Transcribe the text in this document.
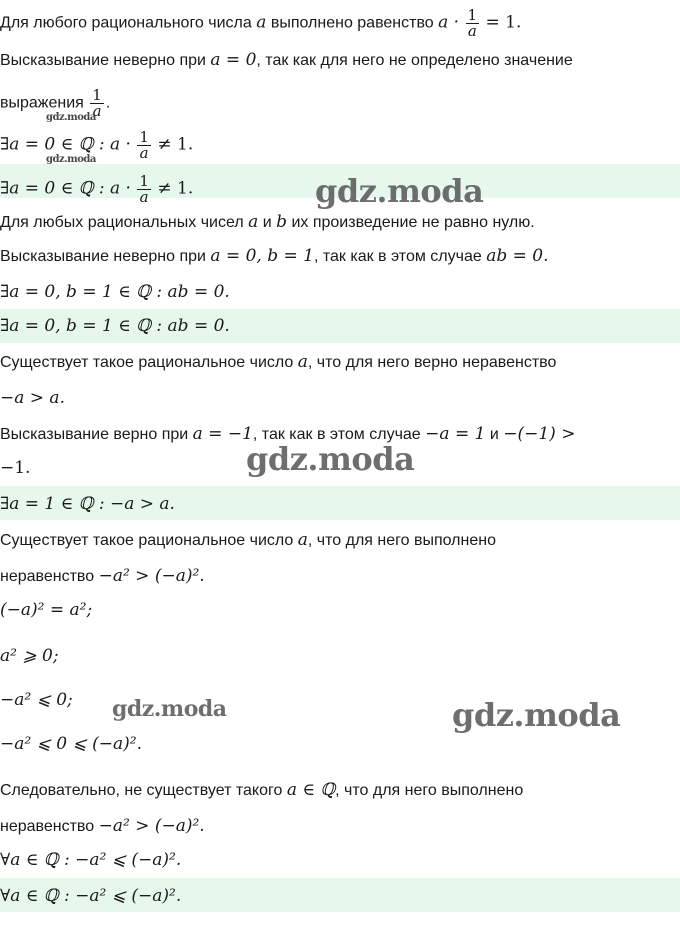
Для любого рационального числа a выполнено равенство $a \cdot \frac{1}{a} = 1$.
Высказывание неверно при a = 0, так как для него не определено значение
выражения $\frac{1}{a}$ .
gdz.moda
∃a = 0 ∈ ℚ : $a \cdot \frac{1}{a} \ne 1$.
gdz.moda
∃a = 0 ∈ ℚ : $a \cdot \frac{1}{a} \ne 1$.	gdz.moda
Для любых рациональных чисел a и b их произведение не равно нулю.
Высказывание неверно при a = 0, b = 1, так как в этом случае ab = 0.
∃a = 0, b = 1 ∈ ℚ : ab = 0.
∃a = 0, b = 1 ∈ ℚ : ab = 0.
Существует такое рациональное число a, что для него верно неравенство
−a > a.
Высказывание верно при a = −1, так как в этом случае −a = 1 и −(−1) >
−1.	gdz.moda
∃a = 1 ∈ ℚ : −a > a.
Существует такое рациональное число a, что для него выполнено
неравенство −a² > (−a)².
(−a)² = a²;
a² ⩾ 0;
−a² ⩽ 0; gdz.moda	gdz.moda
−a² ⩽ 0 ⩽ (−a)².
Следовательно, не существует такого a ∈ ℚ, что для него выполнено
неравенство −a² > (−a)².
∀a ∈ ℚ : −a² ⩽ (−a)².
∀a ∈ ℚ : −a² ⩽ (−a)².
